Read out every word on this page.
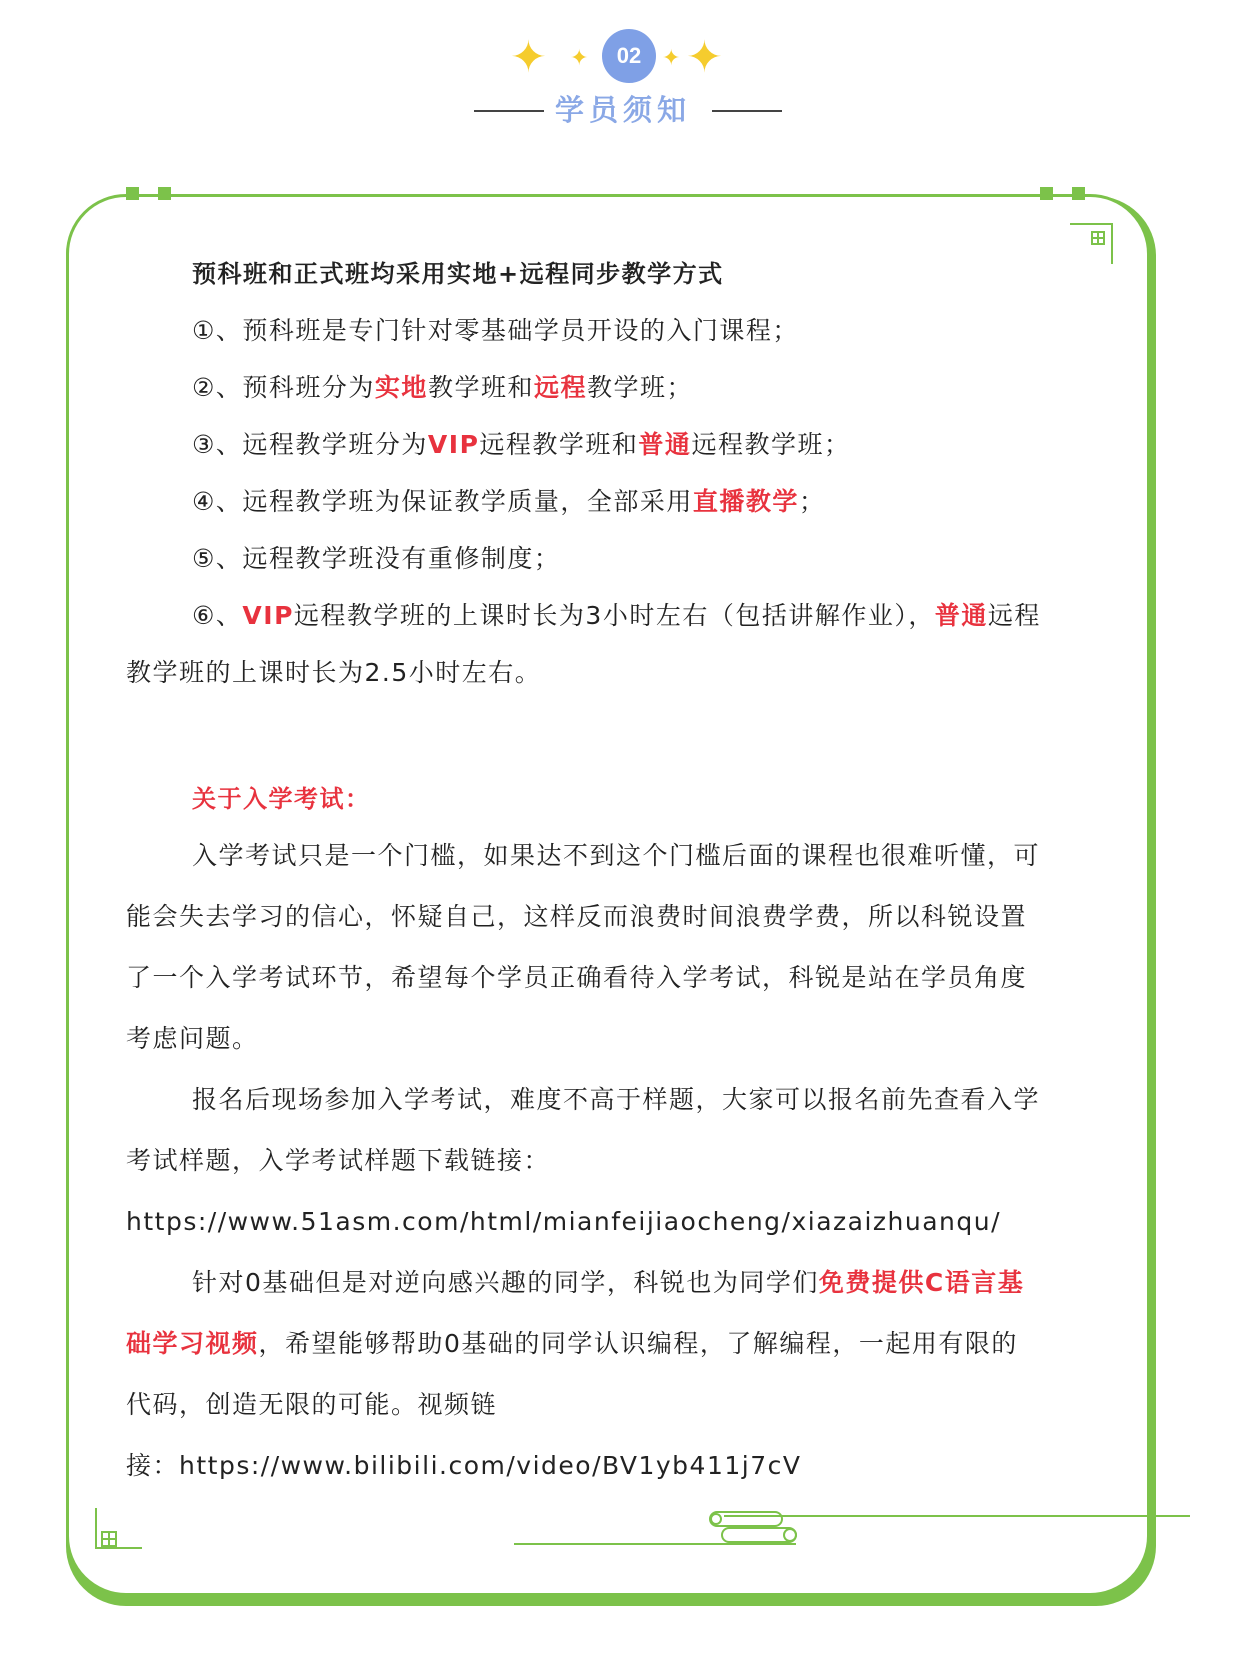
✦ ✦	02 ✦ ✦
学员须知

预科班和正式班均采用实地+远程同步教学方式

①、预科班是专门针对零基础学员开设的入门课程；

②、预科班分为实地教学班和远程教学班；

③、远程教学班分为VIP远程教学班和普通远程教学班；

④、远程教学班为保证教学质量，全部采用直播教学；

⑤、远程教学班没有重修制度；

⑥、VIP远程教学班的上课时长为3小时左右（包括讲解作业），普通远程

教学班的上课时长为2.5小时左右。

关于入学考试：

入学考试只是一个门槛，如果达不到这个门槛后面的课程也很难听懂，可

能会失去学习的信心，怀疑自己，这样反而浪费时间浪费学费，所以科锐设置

了一个入学考试环节，希望每个学员正确看待入学考试，科锐是站在学员角度

考虑问题。

报名后现场参加入学考试，难度不高于样题，大家可以报名前先查看入学

考试样题，入学考试样题下载链接：

https://www.51asm.com/html/mianfeijiaocheng/xiazaizhuanqu/

针对0基础但是对逆向感兴趣的同学，科锐也为同学们免费提供C语言基

础学习视频，希望能够帮助0基础的同学认识编程，了解编程，一起用有限的

代码，创造无限的可能。视频链

接：https://www.bilibili.com/video/BV1yb411j7cV
